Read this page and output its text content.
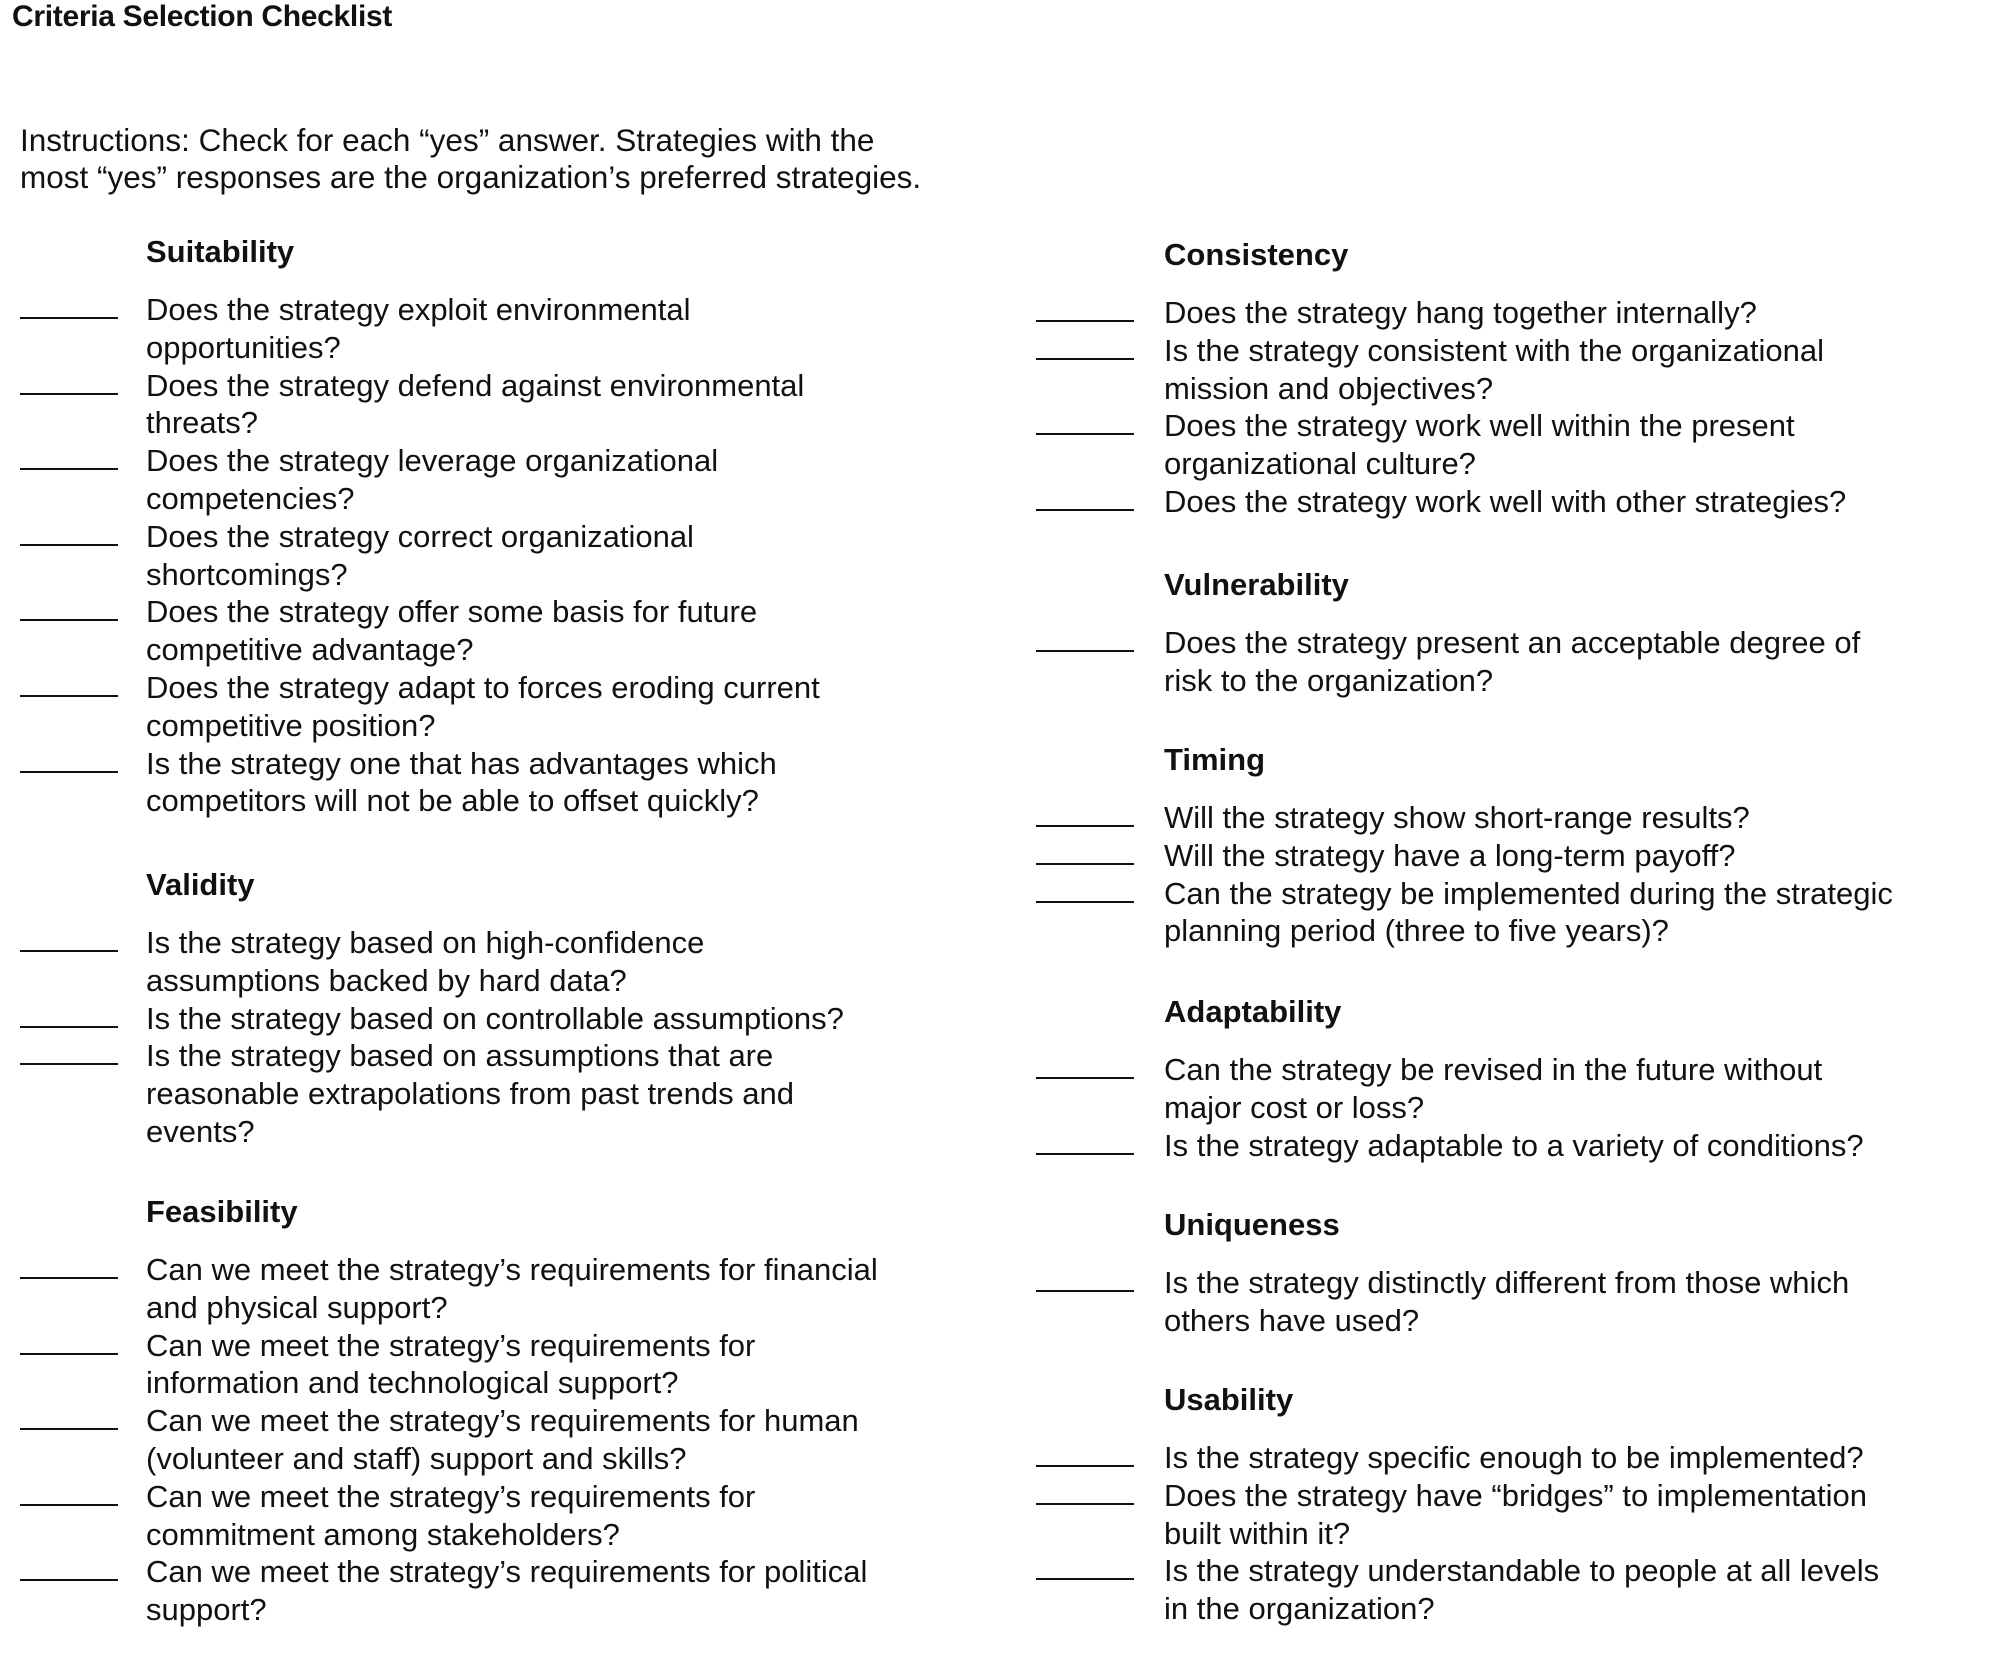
Criteria Selection Checklist
Instructions: Check for each “yes” answer. Strategies with the
most “yes” responses are the organization’s preferred strategies.
Suitability
Does the strategy exploit environmental
opportunities?
Does the strategy defend against environmental
threats?
Does the strategy leverage organizational
competencies?
Does the strategy correct organizational
shortcomings?
Does the strategy offer some basis for future
competitive advantage?
Does the strategy adapt to forces eroding current
competitive position?
Is the strategy one that has advantages which
competitors will not be able to offset quickly?
Validity
Is the strategy based on high-confidence
assumptions backed by hard data?
Is the strategy based on controllable assumptions?
Is the strategy based on assumptions that are
reasonable extrapolations from past trends and
events?
Feasibility
Can we meet the strategy’s requirements for financial
and physical support?
Can we meet the strategy’s requirements for
information and technological support?
Can we meet the strategy’s requirements for human
(volunteer and staff) support and skills?
Can we meet the strategy’s requirements for
commitment among stakeholders?
Can we meet the strategy’s requirements for political
support?
Consistency
Does the strategy hang together internally?
Is the strategy consistent with the organizational
mission and objectives?
Does the strategy work well within the present
organizational culture?
Does the strategy work well with other strategies?
Vulnerability
Does the strategy present an acceptable degree of
risk to the organization?
Timing
Will the strategy show short-range results?
Will the strategy have a long-term payoff?
Can the strategy be implemented during the strategic
planning period (three to five years)?
Adaptability
Can the strategy be revised in the future without
major cost or loss?
Is the strategy adaptable to a variety of conditions?
Uniqueness
Is the strategy distinctly different from those which
others have used?
Usability
Is the strategy specific enough to be implemented?
Does the strategy have “bridges” to implementation
built within it?
Is the strategy understandable to people at all levels
in the organization?
